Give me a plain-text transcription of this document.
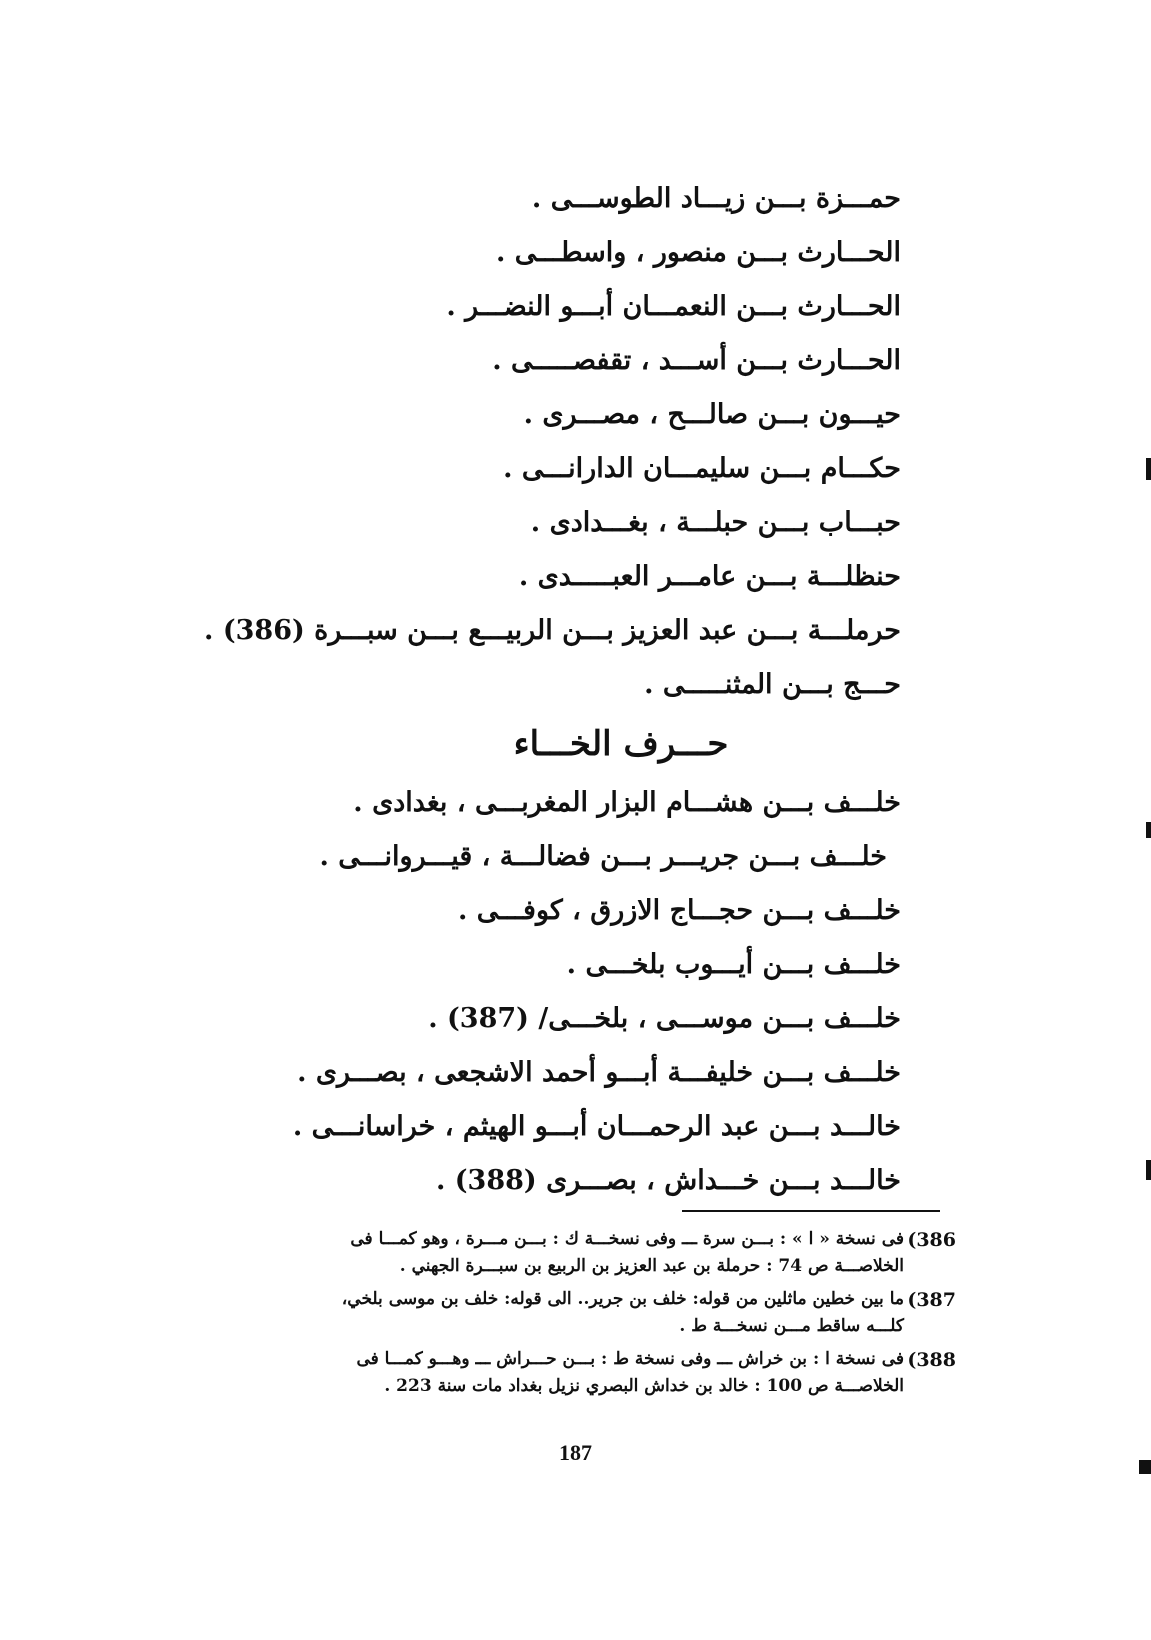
حمـــزة بـــن زيـــاد الطوســـى .
الحـــارث بـــن منصور ، واسطـــى .
الحـــارث بـــن النعمـــان أبـــو النضـــر .
الحـــارث بـــن أســـد ، تقفصـــــى .
حيـــون بـــن صالـــح ، مصـــرى .
حكـــام بـــن سليمـــان الدارانـــى .
حبـــاب بـــن حبلـــة ، بغـــدادى .
حنظلـــة بـــن عامـــر العبـــــدى .
حرملـــة بـــن عبد العزيز بـــن الربيـــع بـــن سبـــرة (386) .
حـــج بـــن المثنـــــى .
حـــرف الخـــاء
خلـــف بـــن هشـــام البزار المغربـــى ، بغدادى .
خلـــف بـــن جريـــر بـــن فضالـــة ، قيـــروانـــى .
خلـــف بـــن حجـــاج الازرق ، كوفـــى .
خلـــف بـــن أيـــوب بلخـــى .
خلـــف بـــن موســـى ، بلخـــى/ (387) .
خلـــف بـــن خليفـــة أبـــو أحمد الاشجعى ، بصـــرى .
خالـــد بـــن عبد الرحمـــان أبـــو الهيثم ، خراسانـــى .
خالـــد بـــن خـــداش ، بصـــرى (388) .
386)
فى نسخة « ا » : بـــن سرة ـــ وفى نسخـــة ك : بـــن مـــرة ، وهو كمـــا فى
الخلاصـــة ص 74 : حرملة بن عبد العزيز بن الربيع بن سبـــرة الجهني .
387)
ما بين خطين ماثلين من قوله: خلف بن جرير.. الى قوله: خلف بن موسى بلخي،
كلـــه ساقط مـــن نسخـــة ط .
388)
فى نسخة ا : بن خراش ـــ وفى نسخة ط : بـــن حـــراش ـــ وهـــو كمـــا فى
الخلاصـــة ص 100 : خالد بن خداش البصري نزيل بغداد مات سنة 223 .
187
